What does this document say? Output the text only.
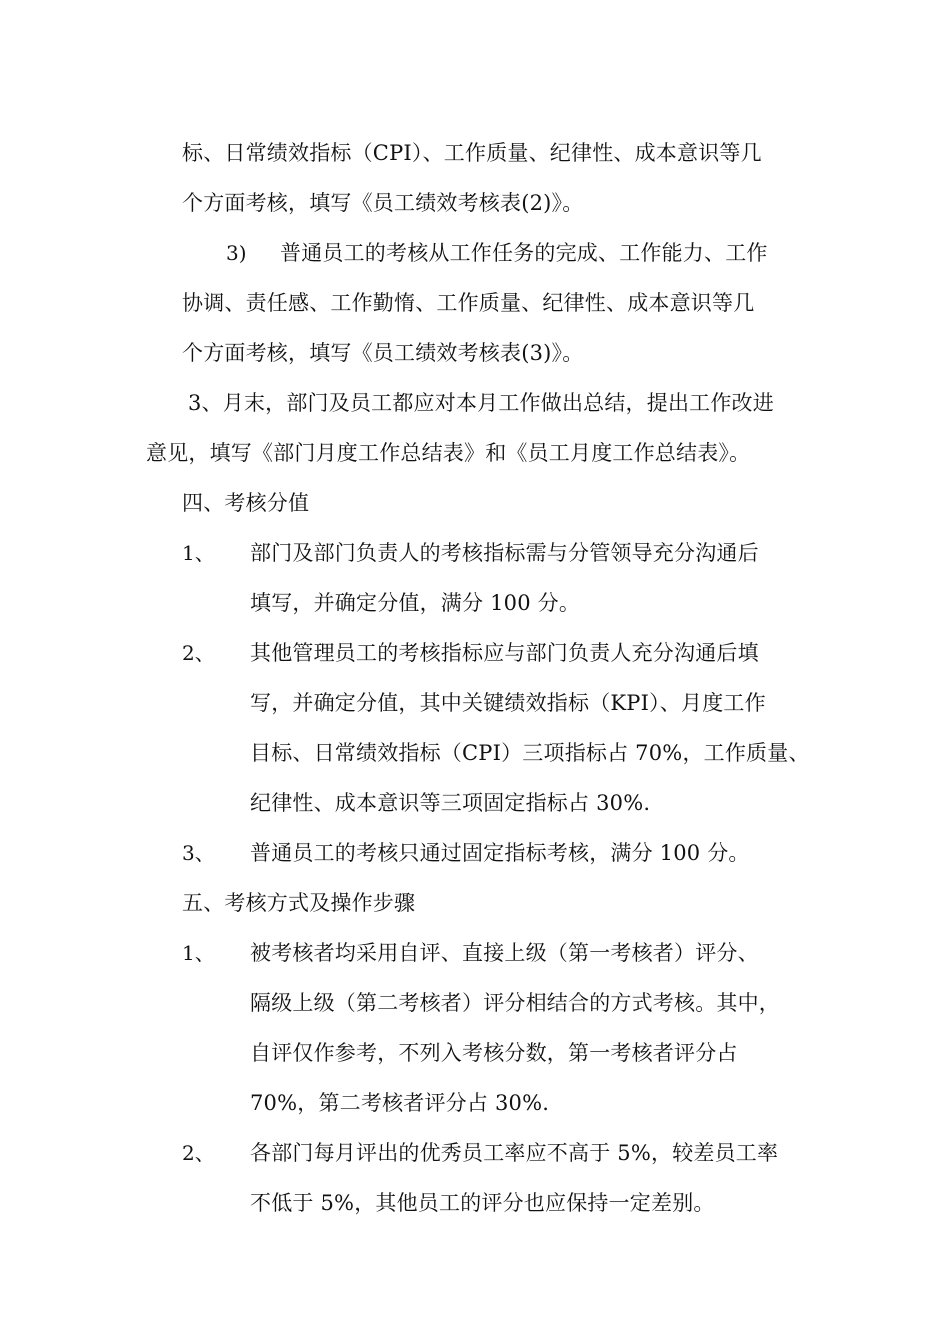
标、日常绩效指标（CPI）、工作质量、纪律性、成本意识等几
个方面考核，填写《员工绩效考核表(2)》。
3) 普通员工的考核从工作任务的完成、工作能力、工作
协调、责任感、工作勤惰、工作质量、纪律性、成本意识等几
个方面考核，填写《员工绩效考核表(3)》。
3、月末，部门及员工都应对本月工作做出总结，提出工作改进
意见，填写《部门月度工作总结表》和《员工月度工作总结表》。
四、考核分值
1、 部门及部门负责人的考核指标需与分管领导充分沟通后
填写，并确定分值，满分 100 分。
2、 其他管理员工的考核指标应与部门负责人充分沟通后填
写，并确定分值，其中关键绩效指标（KPI）、月度工作
目标、日常绩效指标（CPI）三项指标占 70%，工作质量、
纪律性、成本意识等三项固定指标占 30%.
3、 普通员工的考核只通过固定指标考核，满分 100 分。
五、考核方式及操作步骤
1、 被考核者均采用自评、直接上级（第一考核者）评分、
隔级上级（第二考核者）评分相结合的方式考核。其中，
自评仅作参考，不列入考核分数，第一考核者评分占
70%，第二考核者评分占 30%.
2、 各部门每月评出的优秀员工率应不高于 5%，较差员工率
不低于 5%，其他员工的评分也应保持一定差别。
